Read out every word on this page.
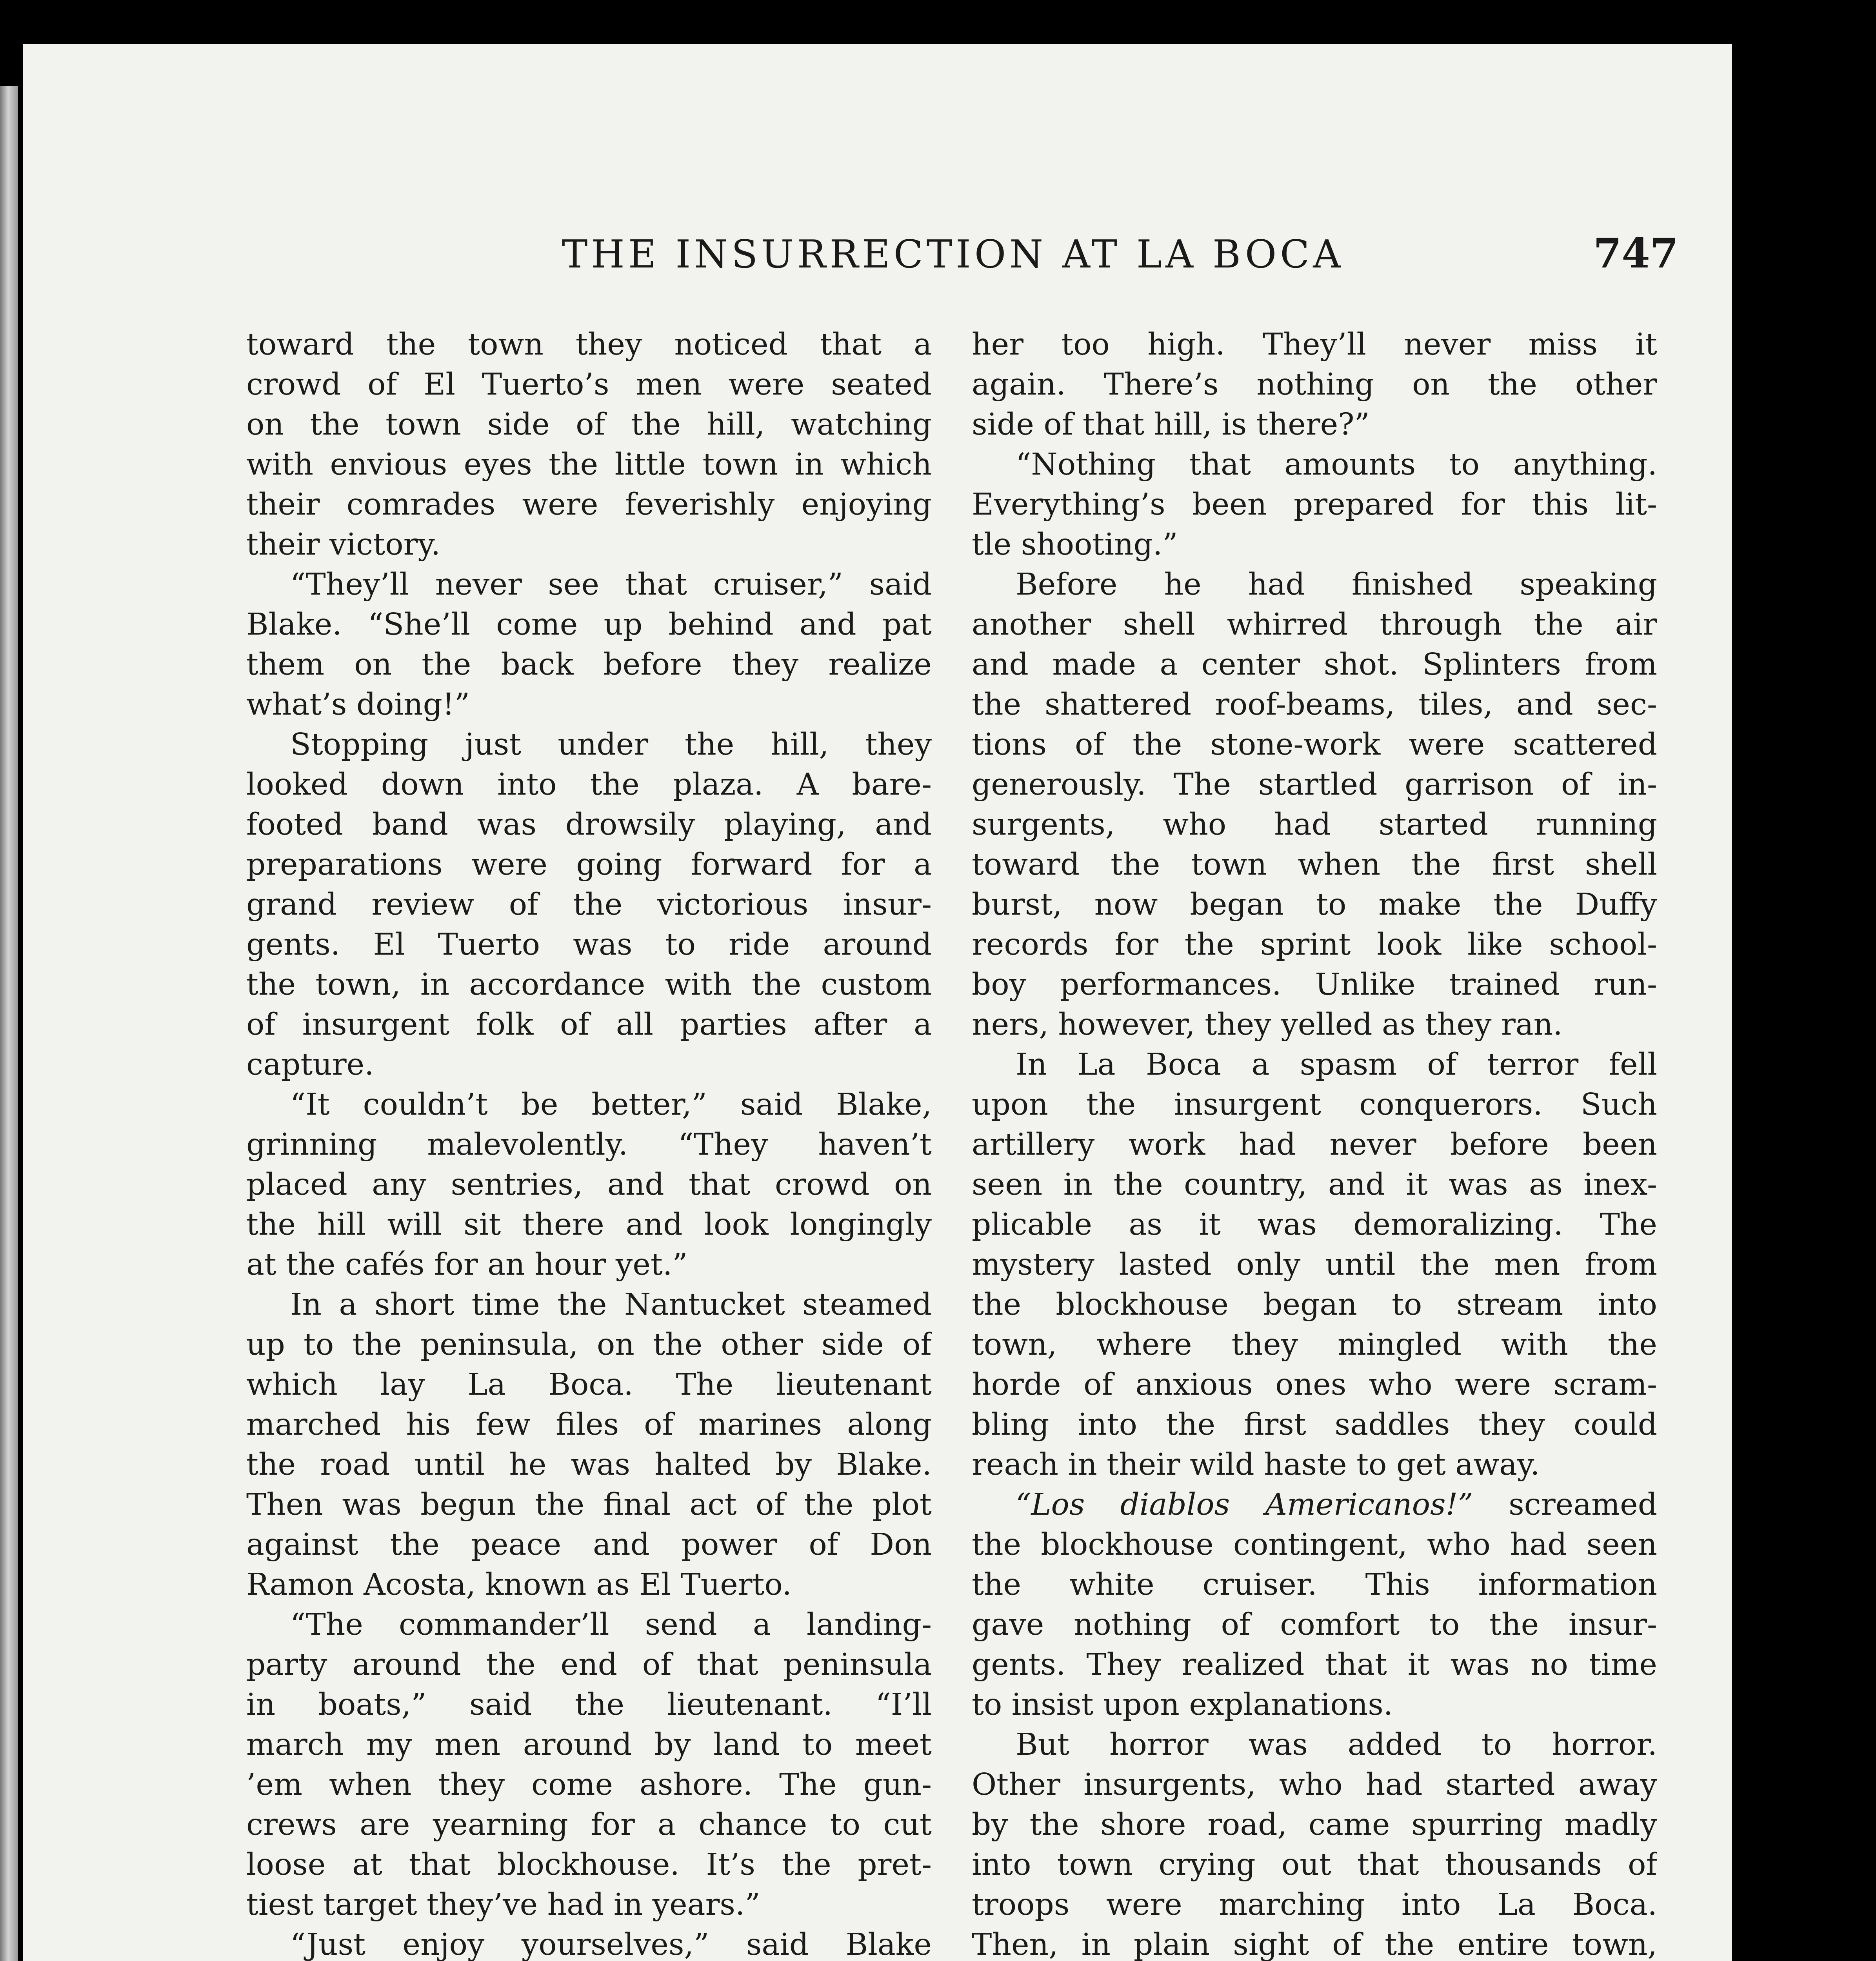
THE INSURRECTION AT LA BOCA	747
toward the town they noticed that a
crowd of El Tuerto’s men were seated
on the town side of the hill, watching
with envious eyes the little town in which
their comrades were feverishly enjoying
their victory.
“They’ll never see that cruiser,” said
Blake. “She’ll come up behind and pat
them on the back before they realize
what’s doing!”
Stopping just under the hill, they
looked down into the plaza. A bare-
footed band was drowsily playing, and
preparations were going forward for a
grand review of the victorious insur-
gents. El Tuerto was to ride around
the town, in accordance with the custom
of insurgent folk of all parties after a
capture.
“It couldn’t be better,” said Blake,
grinning malevolently. “They haven’t
placed any sentries, and that crowd on
the hill will sit there and look longingly
at the cafés for an hour yet.”
In a short time the Nantucket steamed
up to the peninsula, on the other side of
which lay La Boca. The lieutenant
marched his few files of marines along
the road until he was halted by Blake.
Then was begun the final act of the plot
against the peace and power of Don
Ramon Acosta, known as El Tuerto.
“The commander’ll send a landing-
party around the end of that peninsula
in boats,” said the lieutenant. “I’ll
march my men around by land to meet
’em when they come ashore. The gun-
crews are yearning for a chance to cut
loose at that blockhouse. It’s the pret-
tiest target they’ve had in years.”
“Just enjoy yourselves,” said Blake
her too high. They’ll never miss it
again. There’s nothing on the other
side of that hill, is there?”
“Nothing that amounts to anything.
Everything’s been prepared for this lit-
tle shooting.”
Before he had finished speaking
another shell whirred through the air
and made a center shot. Splinters from
the shattered roof-beams, tiles, and sec-
tions of the stone-work were scattered
generously. The startled garrison of in-
surgents, who had started running
toward the town when the first shell
burst, now began to make the Duffy
records for the sprint look like school-
boy performances. Unlike trained run-
ners, however, they yelled as they ran.
In La Boca a spasm of terror fell
upon the insurgent conquerors. Such
artillery work had never before been
seen in the country, and it was as inex-
plicable as it was demoralizing. The
mystery lasted only until the men from
the blockhouse began to stream into
town, where they mingled with the
horde of anxious ones who were scram-
bling into the first saddles they could
reach in their wild haste to get away.
“Los diablos Americanos!” screamed
the blockhouse contingent, who had seen
the white cruiser. This information
gave nothing of comfort to the insur-
gents. They realized that it was no time
to insist upon explanations.
But horror was added to horror.
Other insurgents, who had started away
by the shore road, came spurring madly
into town crying out that thousands of
troops were marching into La Boca.
Then, in plain sight of the entire town,
